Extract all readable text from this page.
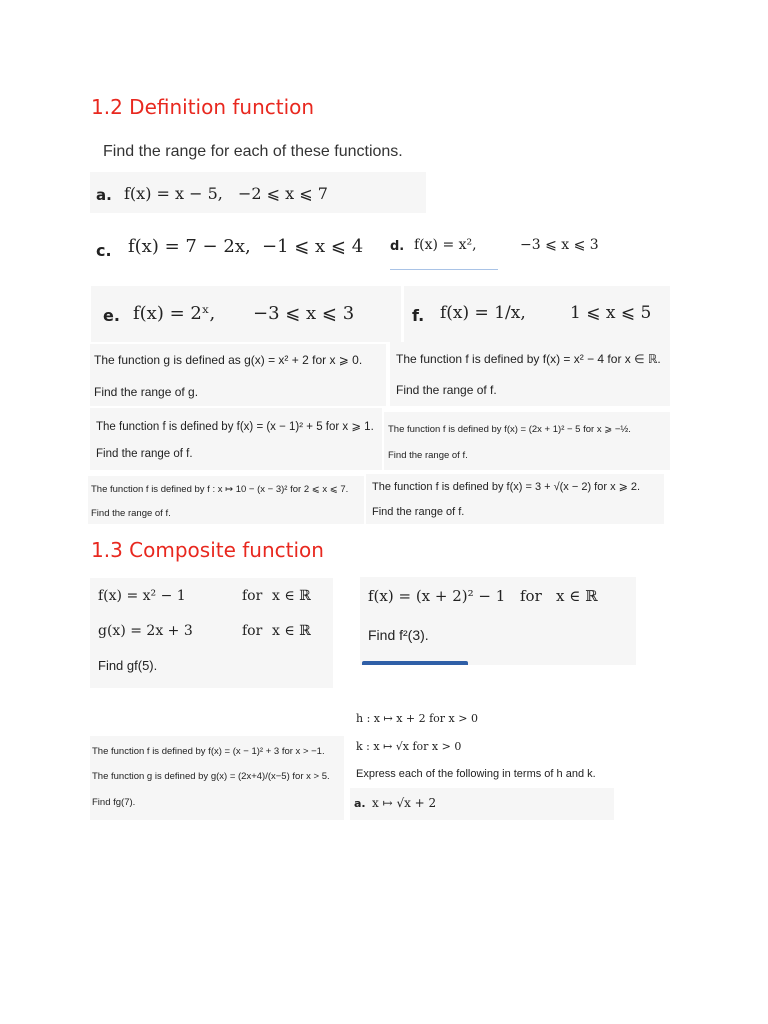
1.2 Definition function
Find the range for each of these functions.
a. f(x) = x − 5, −2 ⩽ x ⩽ 7
c. f(x) = 7 − 2x, −1 ⩽ x ⩽ 4 d. f(x) = x²,	−3 ⩽ x ⩽ 3
e. f(x) = 2ˣ, −3 ⩽ x ⩽ 3	f. f(x) = 1/x,	1 ⩽ x ⩽ 5
The function g is defined as g(x) = x² + 2 for x ⩾ 0.
Find the range of g.
The function f is defined by f(x) = x² − 4 for x ∈ ℝ.
Find the range of f.
The function f is defined by f(x) = (x − 1)² + 5 for x ⩾ 1.
Find the range of f.
The function f is defined by f(x) = (2x + 1)² − 5 for x ⩾ −½.
Find the range of f.
The function f is defined by f : x ↦ 10 − (x − 3)² for 2 ⩽ x ⩽ 7.
Find the range of f.
The function f is defined by f(x) = 3 + √(x − 2) for x ⩾ 2.
Find the range of f.
1.3 Composite function
f(x) = x² − 1	for x ∈ ℝ
g(x) = 2x + 3	for x ∈ ℝ
Find gf(5).
f(x) = (x + 2)² − 1 for x ∈ ℝ
Find f²(3).
The function f is defined by f(x) = (x − 1)² + 3 for x > −1.
The function g is defined by g(x) = (2x+4)/(x−5) for x > 5.
Find fg(7).
h : x ↦ x + 2 for x > 0
k : x ↦ √x for x > 0
Express each of the following in terms of h and k.
a. x ↦ √x + 2
